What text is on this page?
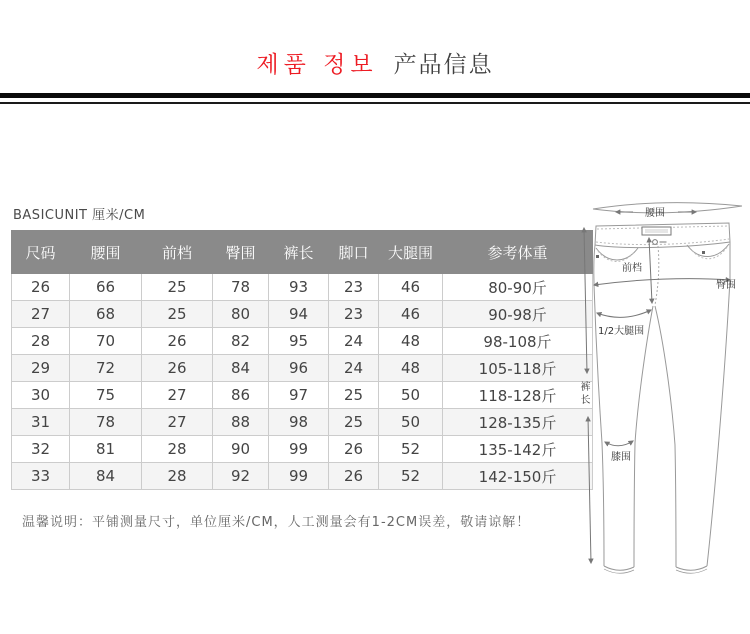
제품 정보 产品信息
BASICUNIT 厘米/CM
尺码	腰围	前档	臀围	裤长	脚口	大腿围	参考体重
26	66	25	78	93	23	46	80-90斤
27	68	25	80	94	23	46	90-98斤
28	70	26	82	95	24	48	98-108斤
29	72	26	84	96	24	48	105-118斤
30	75	27	86	97	25	50	118-128斤
31	78	27	88	98	25	50	128-135斤
32	81	28	90	99	26	52	135-142斤
33	84	28	92	99	26	52	142-150斤
温馨说明：平铺测量尺寸，单位厘米/CM，人工测量会有1-2CM误差，敬请谅解！
腰围
前档
臀围
1/2大腿围
裤
长
膝围
